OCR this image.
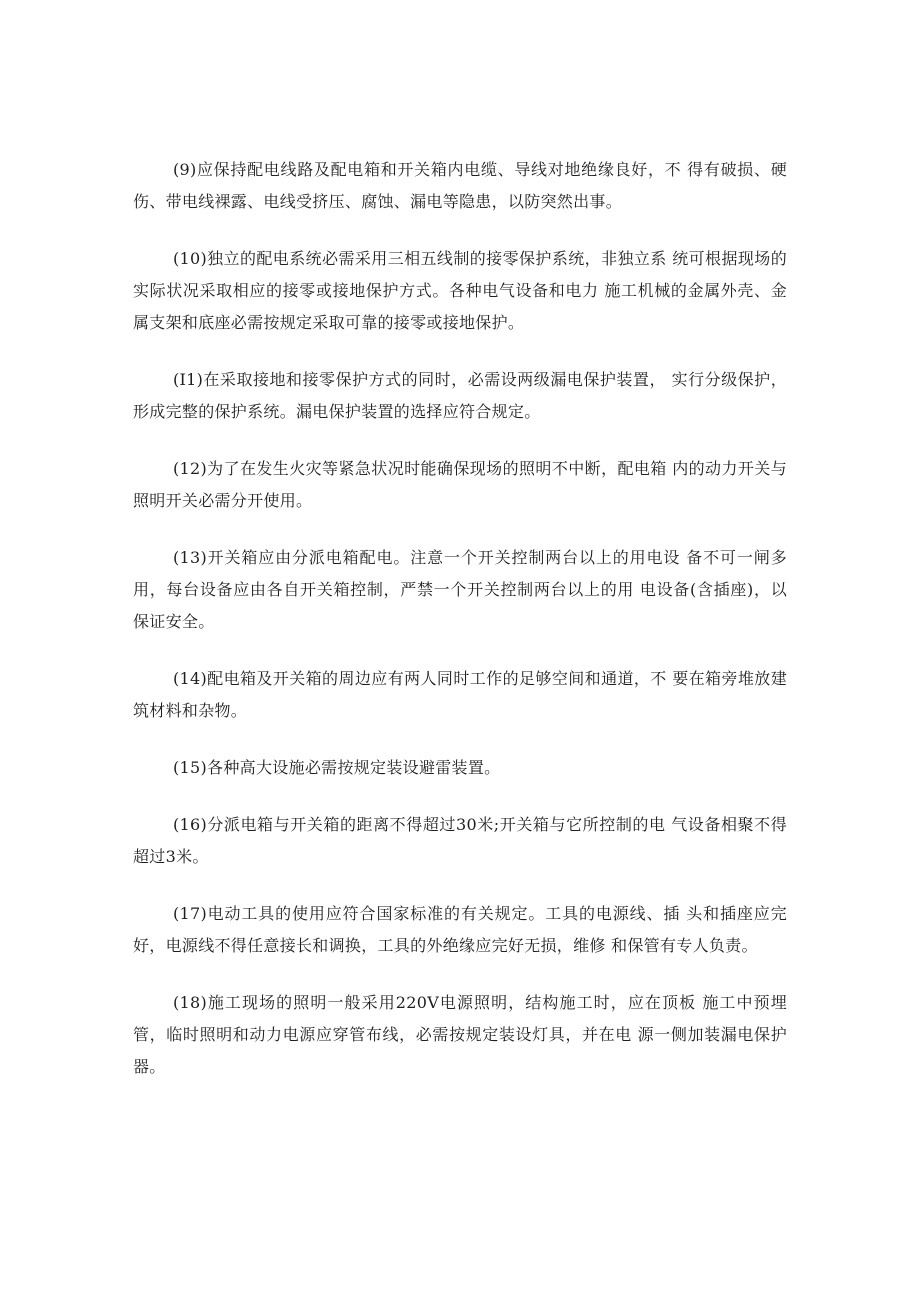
(9)应保持配电线路及配电箱和开关箱内电缆、导线对地绝缘良好，不 得有破损、硬伤、带电线裸露、电线受挤压、腐蚀、漏电等隐患，以防突然出事。

(10)独立的配电系统必需采用三相五线制的接零保护系统，非独立系 统可根据现场的实际状况采取相应的接零或接地保护方式。各种电气设备和电力 施工机械的金属外壳、金属支架和底座必需按规定采取可靠的接零或接地保护。

(I1)在采取接地和接零保护方式的同时，必需设两级漏电保护装置， 实行分级保护，形成完整的保护系统。漏电保护装置的选择应符合规定。

(12)为了在发生火灾等紧急状况时能确保现场的照明不中断，配电箱 内的动力开关与照明开关必需分开使用。

(13)开关箱应由分派电箱配电。注意一个开关控制两台以上的用电设 备不可一闸多用，每台设备应由各自开关箱控制，严禁一个开关控制两台以上的用 电设备(含插座)，以保证安全。

(14)配电箱及开关箱的周边应有两人同时工作的足够空间和通道，不 要在箱旁堆放建筑材料和杂物。

(15)各种高大设施必需按规定装设避雷装置。

(16)分派电箱与开关箱的距离不得超过30米;开关箱与它所控制的电 气设备相聚不得超过3米。

(17)电动工具的使用应符合国家标准的有关规定。工具的电源线、插 头和插座应完好，电源线不得任意接长和调换，工具的外绝缘应完好无损，维修 和保管有专人负责。

(18)施工现场的照明一般采用220V电源照明，结构施工时，应在顶板 施工中预埋管，临时照明和动力电源应穿管布线，必需按规定装设灯具，并在电 源一侧加装漏电保护器。
